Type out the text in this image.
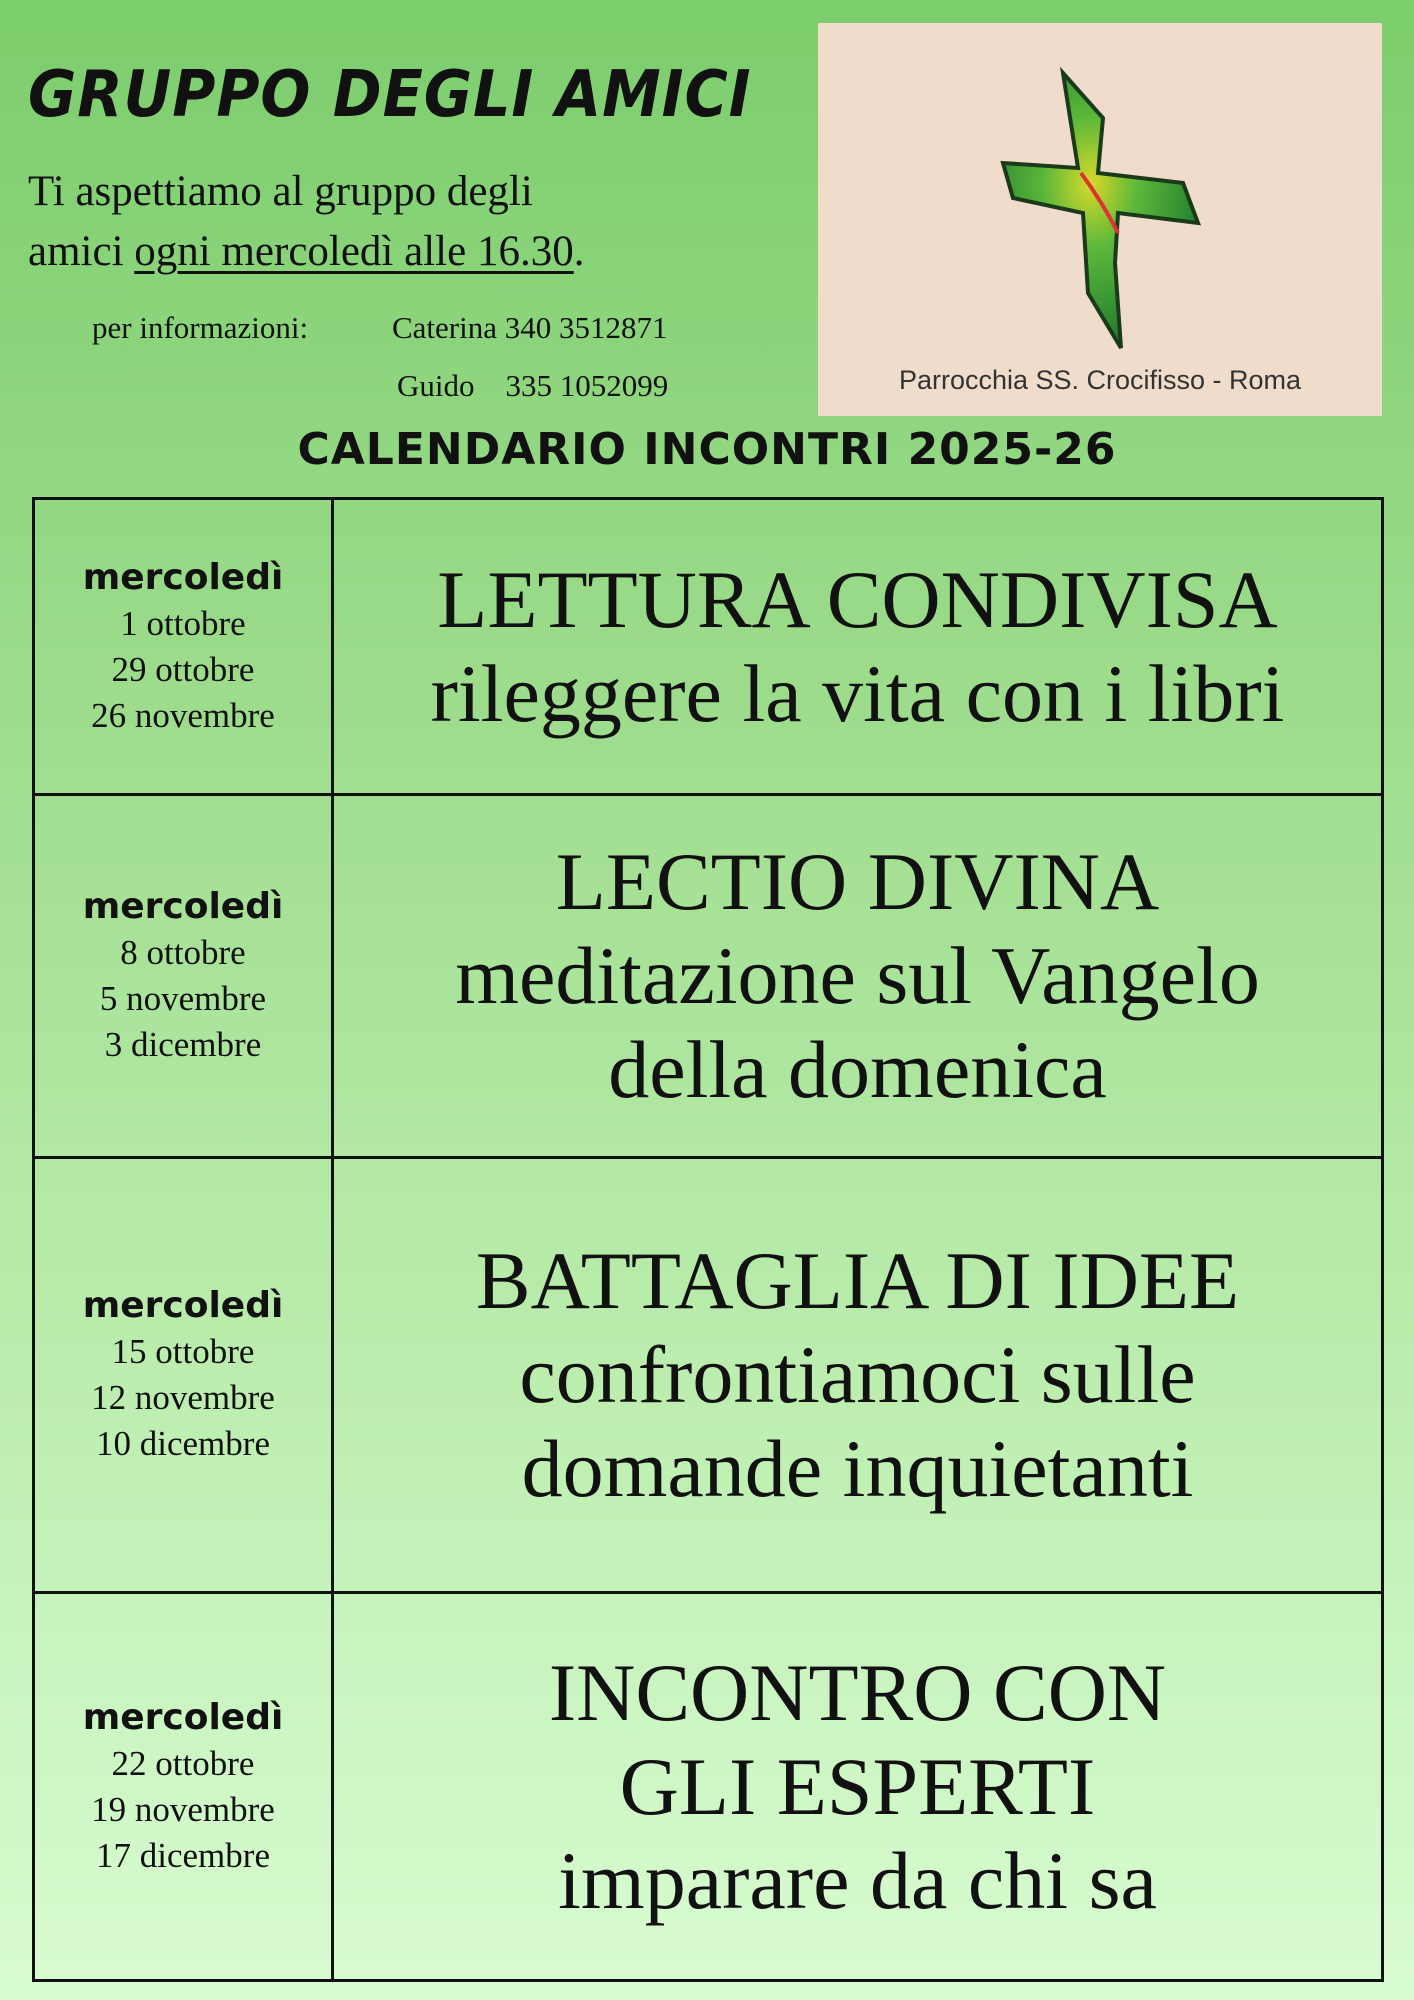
GRUPPO DEGLI AMICI
Ti aspettiamo al gruppo degli
amici ogni mercoledì alle 16.30.
per informazioni:	Caterina 340 3512871
Guido 335 1052099	Parrocchia SS. Crocifisso - Roma
CALENDARIO INCONTRI 2025-26
mercoledì
1 ottobre
29 ottobre
26 novembre	LETTURA CONDIVISA
rileggere la vita con i libri

mercoledì
8 ottobre
5 novembre
3 dicembre	LECTIO DIVINA
meditazione sul Vangelo della domenica

mercoledì
15 ottobre
12 novembre
10 dicembre	BATTAGLIA DI IDEE
confrontiamoci sulle domande inquietanti

mercoledì
22 ottobre
19 novembre
17 dicembre	INCONTRO CON GLI ESPERTI
imparare da chi sa
